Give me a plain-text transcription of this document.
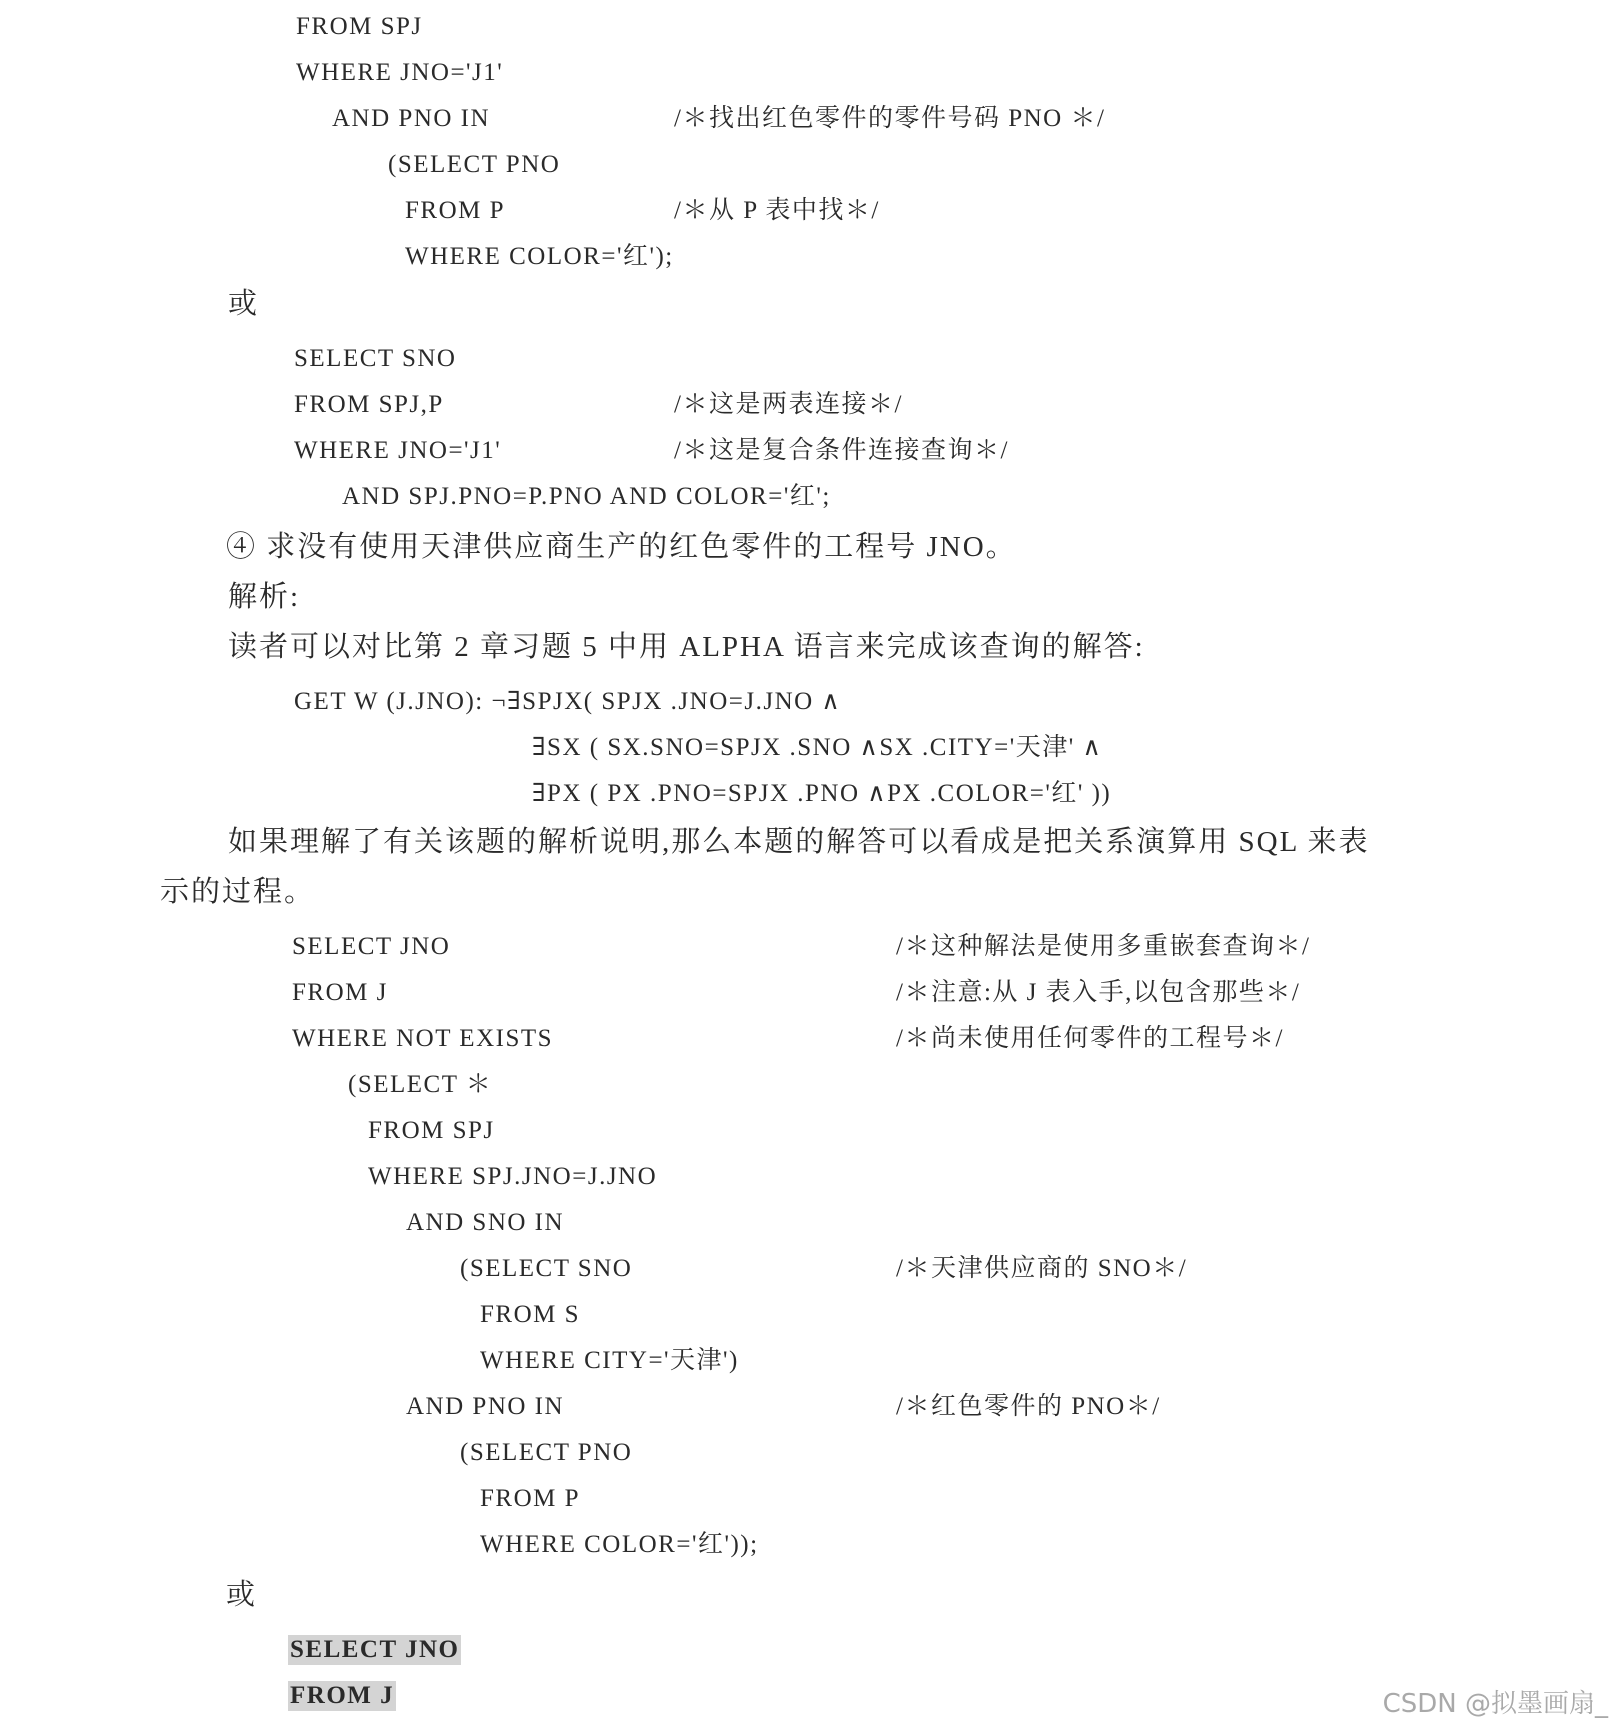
FROM SPJ
WHERE JNO='J1'
AND PNO IN	/＊找出红色零件的零件号码 PNO ＊/
(SELECT PNO
FROM P	/＊从 P 表中找＊/
WHERE COLOR='红');
或
SELECT SNO
FROM SPJ,P	/＊这是两表连接＊/
WHERE JNO='J1'	/＊这是复合条件连接查询＊/
AND SPJ.PNO=P.PNO AND COLOR='红';
④ 求没有使用天津供应商生产的红色零件的工程号 JNO。
解析:
读者可以对比第 2 章习题 5 中用 ALPHA 语言来完成该查询的解答:
GET W (J.JNO): ¬∃SPJX( SPJX .JNO=J.JNO ∧
∃SX ( SX.SNO=SPJX .SNO ∧SX .CITY='天津' ∧
∃PX ( PX .PNO=SPJX .PNO ∧PX .COLOR='红' ))
如果理解了有关该题的解析说明,那么本题的解答可以看成是把关系演算用 SQL 来表
示的过程。
SELECT JNO	/＊这种解法是使用多重嵌套查询＊/
FROM J	/＊注意:从 J 表入手,以包含那些＊/
WHERE NOT EXISTS	/＊尚未使用任何零件的工程号＊/
(SELECT ＊
FROM SPJ
WHERE SPJ.JNO=J.JNO
AND SNO IN
(SELECT SNO	/＊天津供应商的 SNO＊/
FROM S
WHERE CITY='天津')
AND PNO IN	/＊红色零件的 PNO＊/
(SELECT PNO
FROM P
WHERE COLOR='红'));
或
SELECT JNO
FROM J	CSDN @拟墨画扇_
